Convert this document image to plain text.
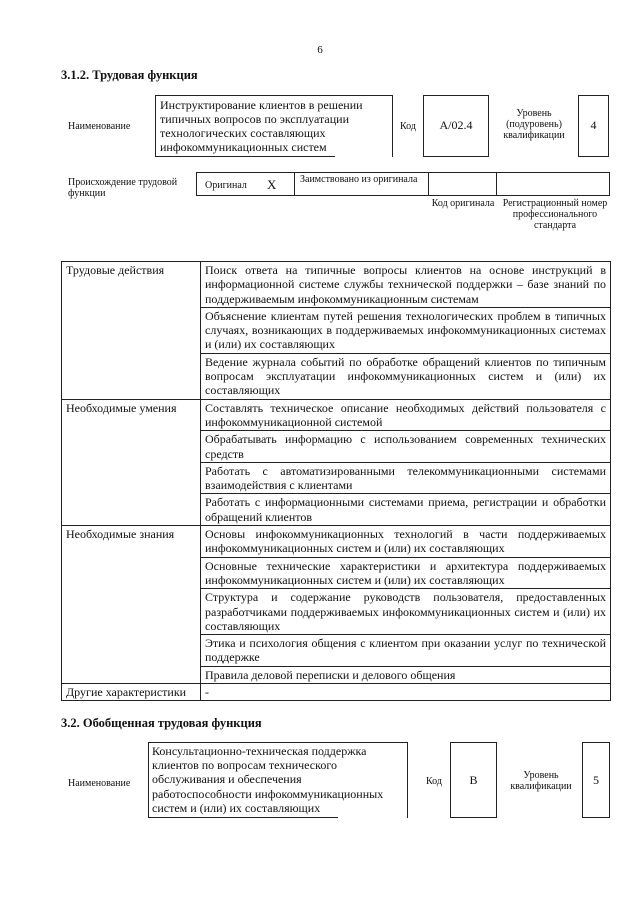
6
3.1.2. Трудовая функция
Наименование
Инструктирование клиентов в решении типичных вопросов по эксплуатации технологических составляющих инфокоммуникационных систем
Код	A/02.4
Уровень (подуровень) квалификации
4
Происхождение трудовой функции
Оригинал X Заимствовано из оригинала
Код оригинала Регистрационный номер профессионального стандарта
Трудовые действия	Поиск ответа на типичные вопросы клиентов на основе инструкций в информационной системе службы технической поддержки – базе знаний по поддерживаемым инфокоммуникационным системам
	Объяснение клиентам путей решения технологических проблем в типичных случаях, возникающих в поддерживаемых инфокоммуникационных системах и (или) их составляющих
	Ведение журнала событий по обработке обращений клиентов по типичным вопросам эксплуатации инфокоммуникационных систем и (или) их составляющих
Необходимые умения	Составлять техническое описание необходимых действий пользователя с инфокоммуникационной системой
	Обрабатывать информацию с использованием современных технических средств
	Работать с автоматизированными телекоммуникационными системами взаимодействия с клиентами
	Работать с информационными системами приема, регистрации и обработки обращений клиентов
Необходимые знания	Основы инфокоммуникационных технологий в части поддерживаемых инфокоммуникационных систем и (или) их составляющих
	Основные технические характеристики и архитектура поддерживаемых инфокоммуникационных систем и (или) их составляющих
	Структура и содержание руководств пользователя, предоставленных разработчиками поддерживаемых инфокоммуникационных систем и (или) их составляющих
	Этика и психология общения с клиентом при оказании услуг по технической поддержке
	Правила деловой переписки и делового общения
Другие характеристики	-
3.2. Обобщенная трудовая функция
Наименование
Консультационно-техническая поддержка клиентов по вопросам технического обслуживания и обеспечения работоспособности инфокоммуникационных систем и (или) их составляющих
Код	B	Уровень квалификации	5
